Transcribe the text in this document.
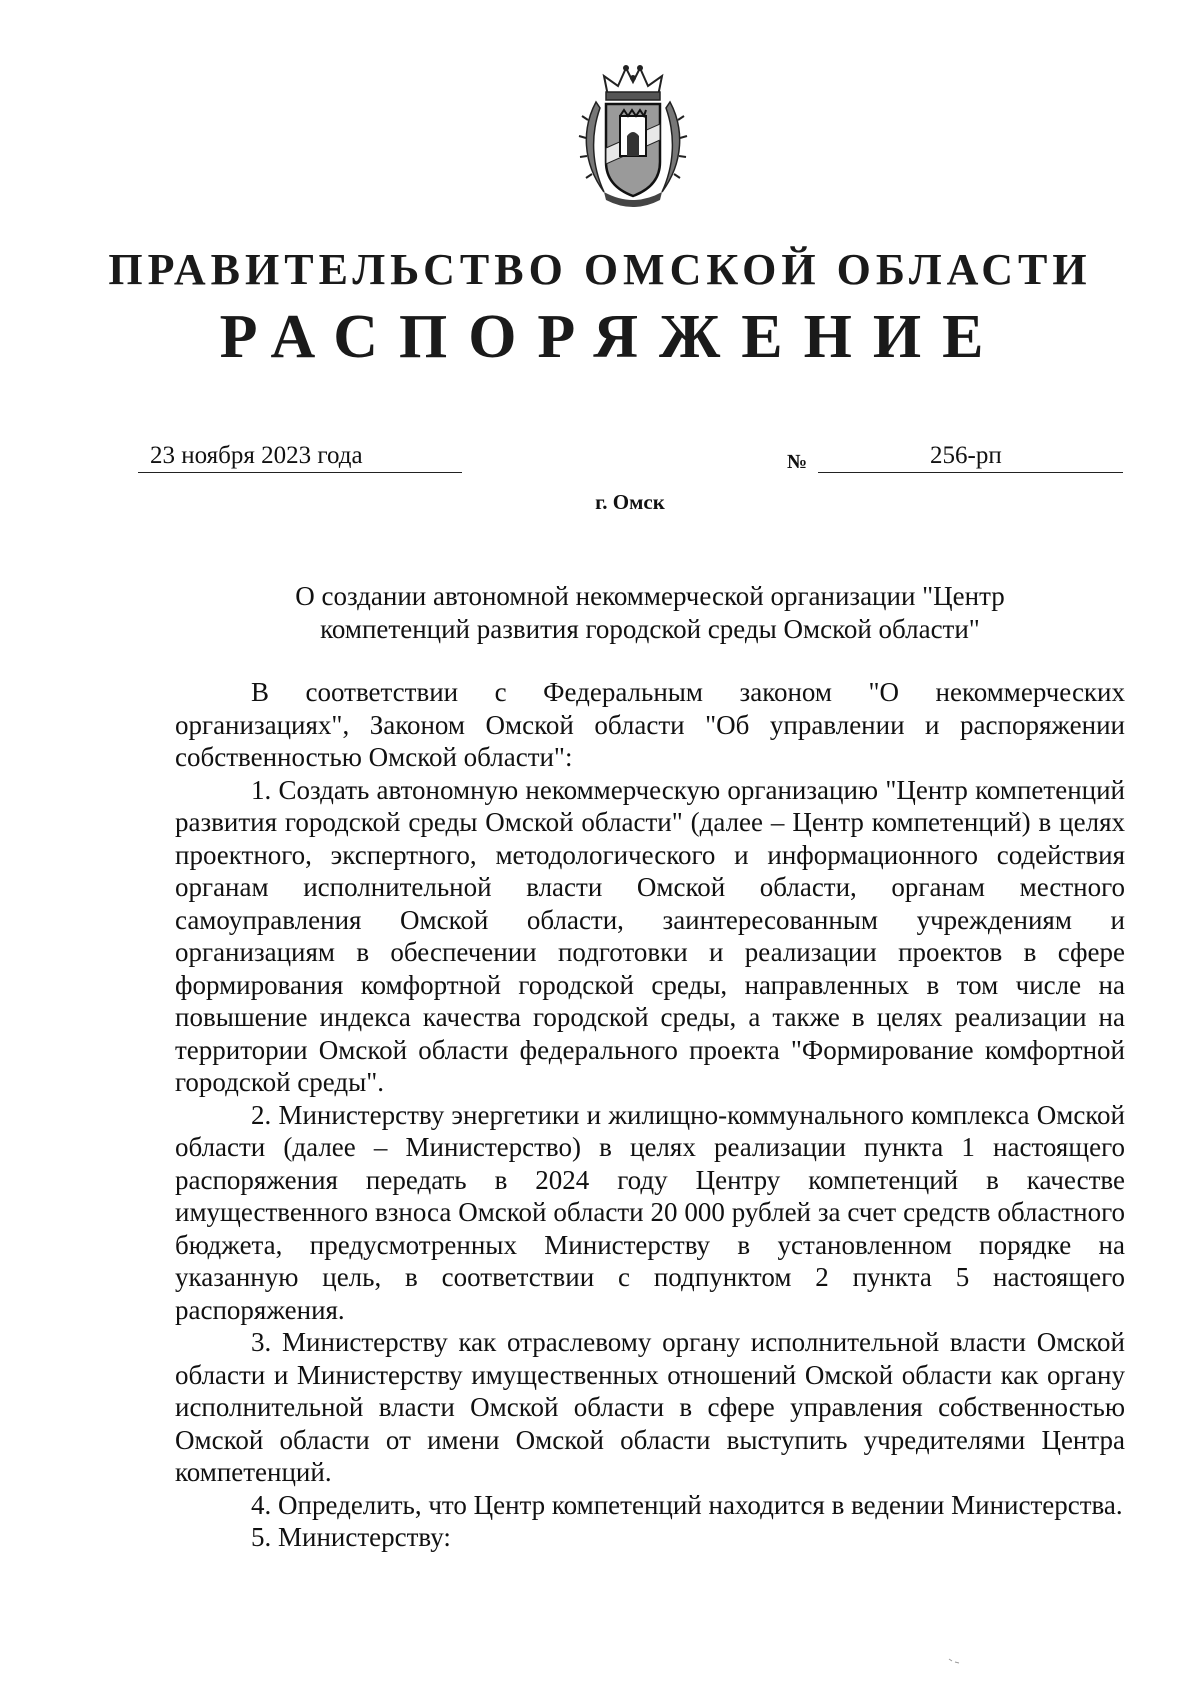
ПРАВИТЕЛЬСТВО ОМСКОЙ ОБЛАСТИ
РАСПОРЯЖЕНИЕ
23 ноября 2023 года	№	256-рп
г. Омск
О создании автономной некоммерческой организации "Центр
компетенций развития городской среды Омской области"

В соответствии с Федеральным законом "О некоммерческих организациях", Законом Омской области "Об управлении и распоряжении собственностью Омской области":

1. Создать автономную некоммерческую организацию "Центр компетенций развития городской среды Омской области" (далее – Центр компетенций) в целях проектного, экспертного, методологического и информационного содействия органам исполнительной власти Омской области, органам местного самоуправления Омской области, заинтересованным учреждениям и организациям в обеспечении подготовки и реализации проектов в сфере формирования комфортной городской среды, направленных в том числе на повышение индекса качества городской среды, а также в целях реализации на территории Омской области федерального проекта "Формирование комфортной городской среды".

2. Министерству энергетики и жилищно-коммунального комплекса Омской области (далее – Министерство) в целях реализации пункта 1 настоящего распоряжения передать в 2024 году Центру компетенций в качестве имущественного взноса Омской области 20 000 рублей за счет средств областного бюджета, предусмотренных Министерству в установленном порядке на указанную цель, в соответствии с подпунктом 2 пункта 5 настоящего распоряжения.

3. Министерству как отраслевому органу исполнительной власти Омской области и Министерству имущественных отношений Омской области как органу исполнительной власти Омской области в сфере управления собственностью Омской области от имени Омской области выступить учредителями Центра компетенций.

4. Определить, что Центр компетенций находится в ведении Министерства.

5. Министерству:
